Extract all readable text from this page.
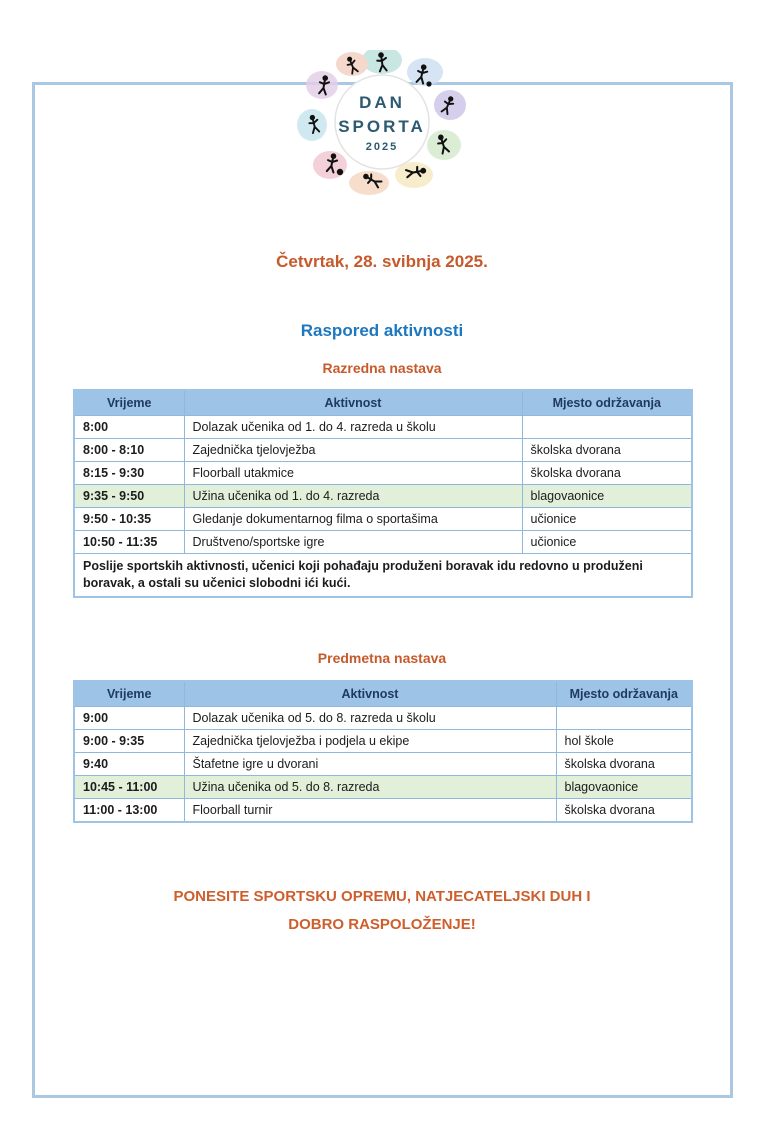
DAN
SPORTA
2025
Četvrtak, 28. svibnja 2025.
Raspored aktivnosti
Razredna nastava
Vrijeme	Aktivnost	Mjesto održavanja
8:00	Dolazak učenika od 1. do 4. razreda u školu	
8:00 - 8:10	Zajednička tjelovježba	školska dvorana
8:15 - 9:30	Floorball utakmice	školska dvorana
9:35 - 9:50	Užina učenika od 1. do 4. razreda	blagovaonice
9:50 - 10:35	Gledanje dokumentarnog filma o sportašima	učionice
10:50 - 11:35	Društveno/sportske igre	učionice
Poslije sportskih aktivnosti, učenici koji pohađaju produženi boravak idu redovno u produženi boravak, a ostali su učenici slobodni ići kući.		
Predmetna nastava
Vrijeme	Aktivnost	Mjesto održavanja
9:00	Dolazak učenika od 5. do 8. razreda u školu	
9:00 - 9:35	Zajednička tjelovježba i podjela u ekipe	hol škole
9:40	Štafetne igre u dvorani	školska dvorana
10:45 - 11:00	Užina učenika od 5. do 8. razreda	blagovaonice
11:00 - 13:00	Floorball turnir	školska dvorana
PONESITE SPORTSKU OPREMU, NATJECATELJSKI DUH I
DOBRO RASPOLOŽENJE!
